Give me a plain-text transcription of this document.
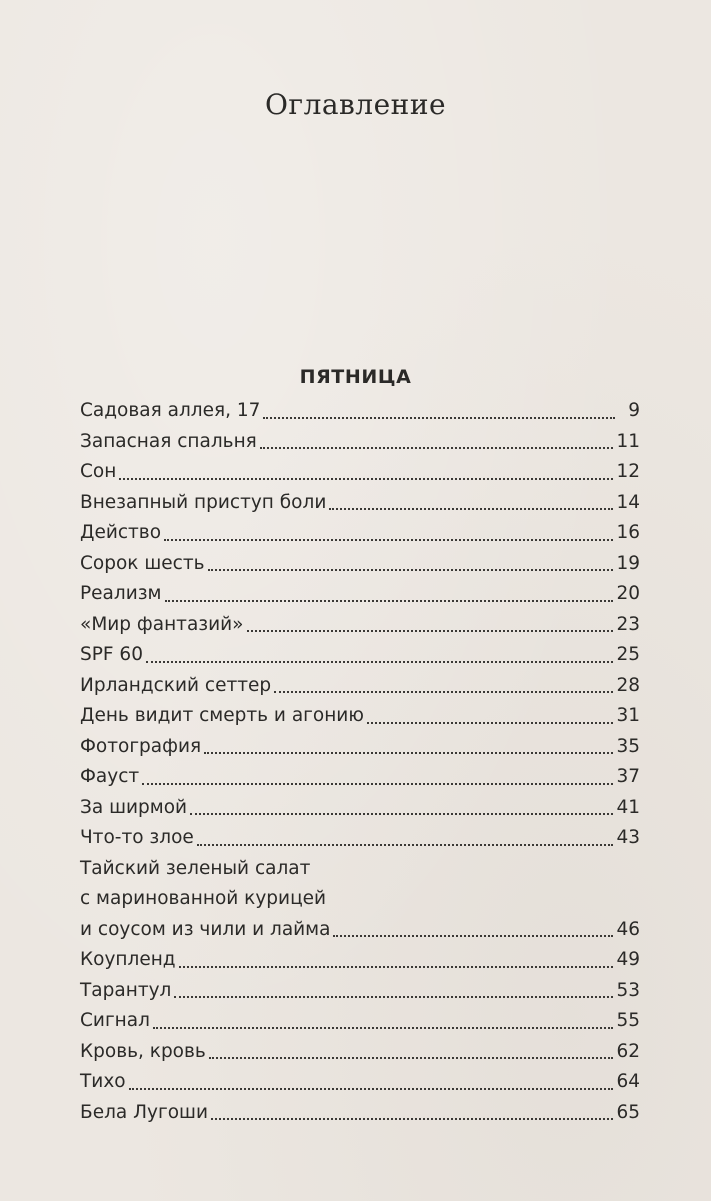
Оглавление
ПЯТНИЦА
Садовая аллея, 17	9
Запасная спальня	11
Сон	12
Внезапный приступ боли	14
Действо	16
Сорок шесть	19
Реализм	20
«Мир фантазий»	23
SPF 60	25
Ирландский сеттер	28
День видит смерть и агонию	31
Фотография	35
Фауст	37
За ширмой	41
Что-то злое	43
Тайский зеленый салат
с маринованной курицей
и соусом из чили и лайма	46
Коупленд	49
Тарантул	53
Сигнал	55
Кровь, кровь	62
Тихо	64
Бела Лугоши	65
